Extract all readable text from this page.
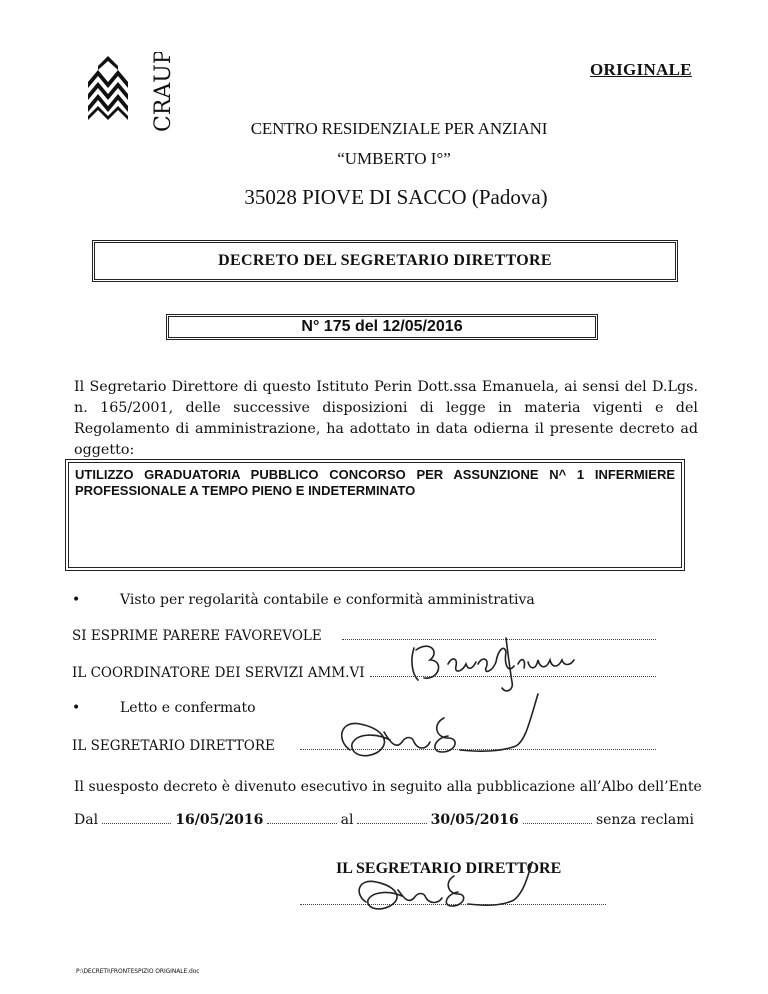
CRAUP	ORIGINALE
CENTRO RESIDENZIALE PER ANZIANI
“UMBERTO I°”
35028 PIOVE DI SACCO (Padova)
DECRETO DEL SEGRETARIO DIRETTORE
N° 175 del 12/05/2016
Il Segretario Direttore di questo Istituto Perin Dott.ssa Emanuela, ai sensi del D.Lgs. n. 165/2001, delle successive disposizioni di legge in materia vigenti e del Regolamento di amministrazione, ha adottato in data odierna il presente decreto ad oggetto:
UTILIZZO GRADUATORIA PUBBLICO CONCORSO PER ASSUNZIONE N^ 1 INFERMIERE PROFESSIONALE A TEMPO PIENO E INDETERMINATO
•	Visto per regolarità contabile e conformità amministrativa
SI ESPRIME PARERE FAVOREVOLE
IL COORDINATORE DEI SERVIZI AMM.VI
•	Letto e confermato
IL SEGRETARIO DIRETTORE
Il suesposto decreto è divenuto esecutivo in seguito alla pubblicazione all’Albo dell’Ente
Dal	16/05/2016	al	30/05/2016	senza reclami
IL SEGRETARIO DIRETTORE
P:\DECRETI\FRONTESPIZIO ORIGINALE.doc
